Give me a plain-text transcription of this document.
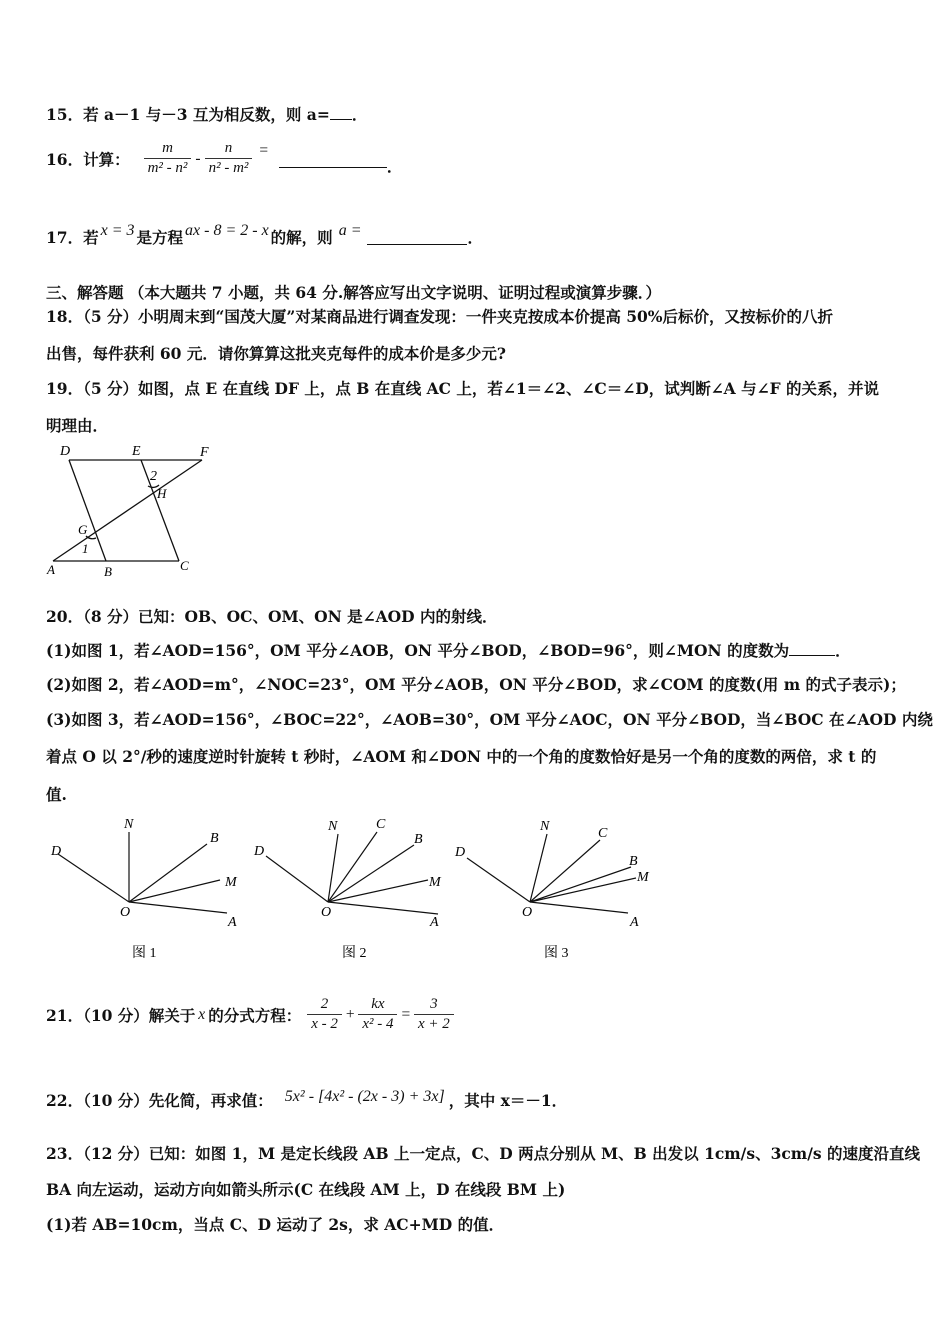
15．若 a－1 与－3 互为相反数，则 a= ．
16． 计算： $\frac{m}{\text{m² - n²}} - \frac{n}{\text{n² - m²}}$ =
．
17． 若 x = 3 是方程 ax - 8 = 2 - x 的解，则 a =	．
三、解答题 （本大题共 7 小题，共 64 分.解答应写出文字说明、证明过程或演算步骤．）
18．（5 分）小明周末到“国茂大厦”对某商品进行调查发现：一件夹克按成本价提高 50%后标价，又按标价的八折
出售，每件获利 60 元．请你算算这批夹克每件的成本价是多少元?
19．（5 分）如图，点 E 在直线 DF 上，点 B 在直线 AC 上，若∠1＝∠2、∠C＝∠D，试判断∠A 与∠F 的关系，并说
明理由．
D	E	F
2
H
G
1
A	B	C
20．（8 分）已知：OB、OC、OM、ON 是∠AOD 内的射线．
(1)如图 1，若∠AOD=156°，OM 平分∠AOB，ON 平分∠BOD，∠BOD=96°，则∠MON 的度数为	．
(2)如图 2，若∠AOD=m°，∠NOC=23°，OM 平分∠AOB，ON 平分∠BOD，求∠COM 的度数(用 m 的式子表示)；
(3)如图 3，若∠AOD=156°，∠BOC=22°，∠AOB=30°，OM 平分∠AOC，ON 平分∠BOD，当∠BOC 在∠AOD 内绕
着点 O 以 2°/秒的速度逆时针旋转 t 秒时，∠AOM 和∠DON 中的一个角的度数恰好是另一个角的度数的两倍，求 t 的
值.
D
N
B
M
O
A
图 1
D
N	C
B
M
O
A
图 2
D
N	C
B
M
O
A
图 3
21．（10 分）解关于 x 的分式方程： $\frac{2}{x - 2} + \frac{kx}{\text{x² - 4}} = \frac{3}{x + 2}$
22．（10 分）先化简，再求值： 5x² - [4x² - (2x - 3) + 3x] ，其中 x＝－1．
23．（12 分）已知：如图 1，M 是定长线段 AB 上一定点，C、D 两点分别从 M、B 出发以 1cm/s、3cm/s 的速度沿直线
BA 向左运动，运动方向如箭头所示(C 在线段 AM 上，D 在线段 BM 上)
(1)若 AB=10cm，当点 C、D 运动了 2s，求 AC+MD 的值．
